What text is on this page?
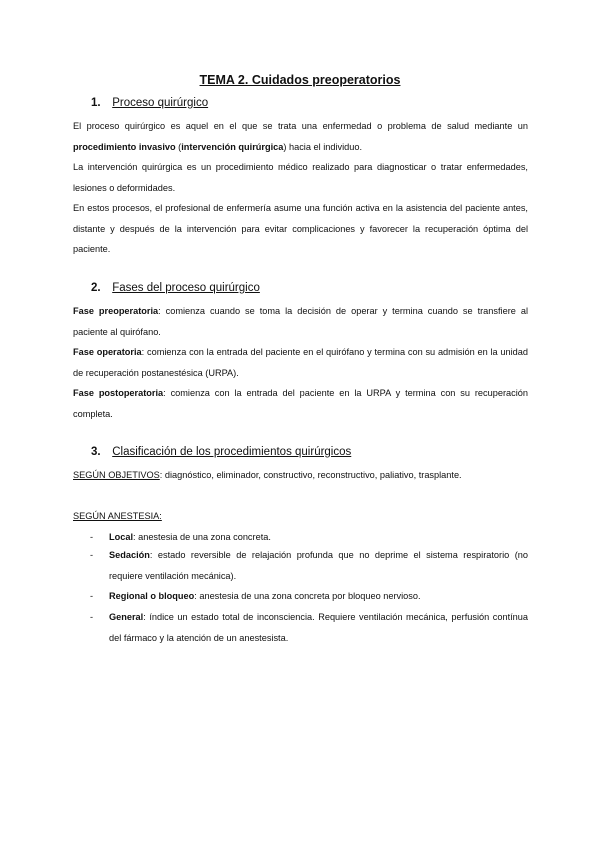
TEMA 2. Cuidados preoperatorios
1. Proceso quirúrgico
El proceso quirúrgico es aquel en el que se trata una enfermedad o problema de salud mediante un procedimiento invasivo (intervención quirúrgica) hacia el individuo.
La intervención quirúrgica es un procedimiento médico realizado para diagnosticar o tratar enfermedades, lesiones o deformidades.
En estos procesos, el profesional de enfermería asume una función activa en la asistencia del paciente antes, distante y después de la intervención para evitar complicaciones y favorecer la recuperación óptima del paciente.
2. Fases del proceso quirúrgico
Fase preoperatoria: comienza cuando se toma la decisión de operar y termina cuando se transfiere al paciente al quirófano.
Fase operatoria: comienza con la entrada del paciente en el quirófano y termina con su admisión en la unidad de recuperación postanestésica (URPA).
Fase postoperatoria: comienza con la entrada del paciente en la URPA y termina con su recuperación completa.
3. Clasificación de los procedimientos quirúrgicos
SEGÚN OBJETIVOS: diagnóstico, eliminador, constructivo, reconstructivo, paliativo, trasplante.
SEGÚN ANESTESIA:
- Local: anestesia de una zona concreta.
- Sedación: estado reversible de relajación profunda que no deprime el sistema respiratorio (no requiere ventilación mecánica).
- Regional o bloqueo: anestesia de una zona concreta por bloqueo nervioso.
- General: índice un estado total de inconsciencia. Requiere ventilación mecánica, perfusión contínua del fármaco y la atención de un anestesista.
